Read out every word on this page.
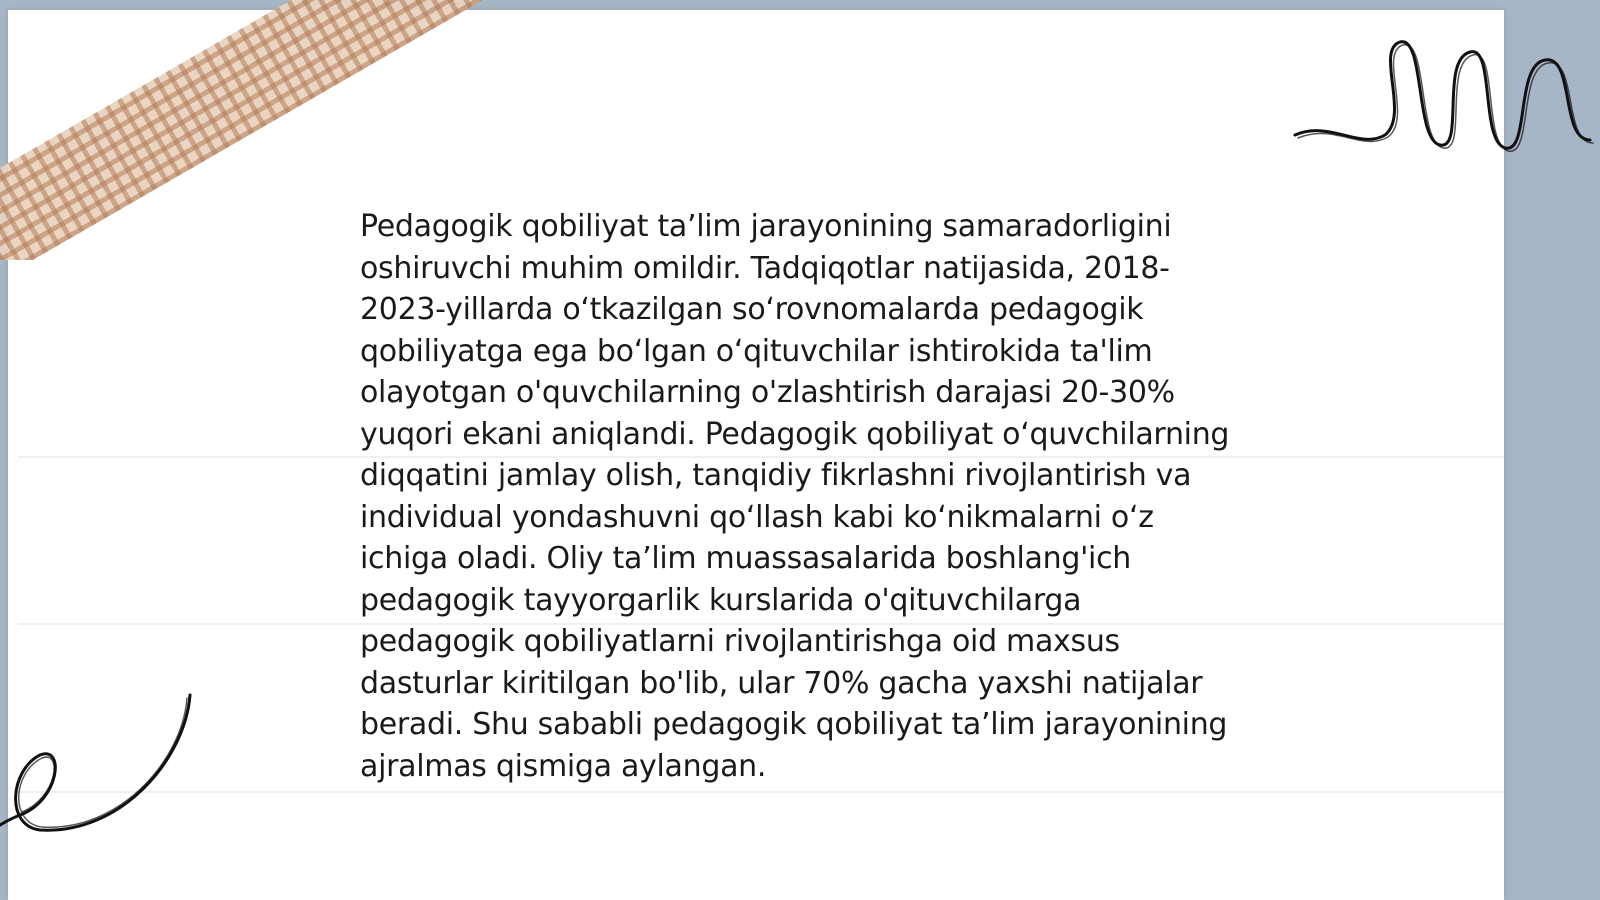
Pedagogik qobiliyat ta’lim jarayonining samaradorligini oshiruvchi muhim omildir. Tadqiqotlar natijasida, 2018-2023-yillarda o‘tkazilgan so‘rovnomalarda pedagogik qobiliyatga ega bo‘lgan o‘qituvchilar ishtirokida ta'lim olayotgan o'quvchilarning o'zlashtirish darajasi 20-30% yuqori ekani aniqlandi. Pedagogik qobiliyat o‘quvchilarning diqqatini jamlay olish, tanqidiy fikrlashni rivojlantirish va individual yondashuvni qo‘llash kabi ko‘nikmalarni o‘z ichiga oladi. Oliy ta’lim muassasalarida boshlang'ich pedagogik tayyorgarlik kurslarida o'qituvchilarga pedagogik qobiliyatlarni rivojlantirishga oid maxsus dasturlar kiritilgan bo'lib, ular 70% gacha yaxshi natijalar beradi. Shu sababli pedagogik qobiliyat ta’lim jarayonining ajralmas qismiga aylangan.
